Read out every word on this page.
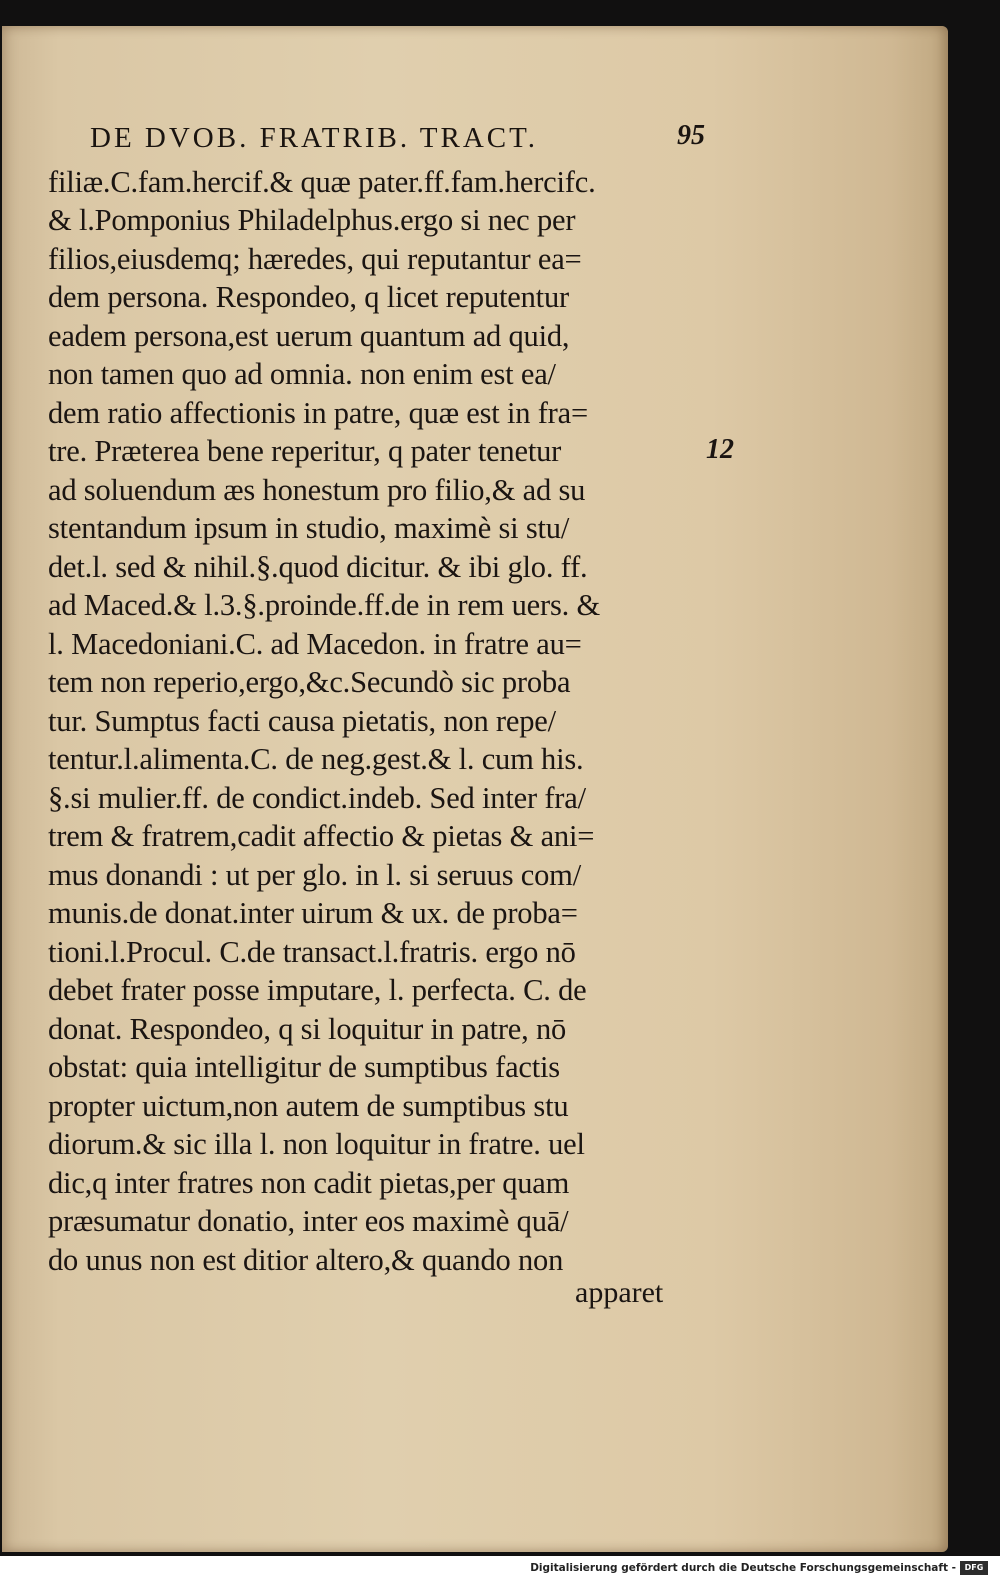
DE DVOB. FRATRIB. TRACT.	95
filiæ.C.fam.hercif.& quæ pater.ff.fam.hercifc.
& l.Pomponius Philadelphus.ergo si nec per
filios,eiusdemq; hæredes, qui reputantur ea=
dem persona. Respondeo, q licet reputentur
eadem persona,est uerum quantum ad quid,
non tamen quo ad omnia. non enim est ea/
dem ratio affectionis in patre, quæ est in fra=
tre. Præterea bene reperitur, q pater tenetur
ad soluendum æs honestum pro filio,& ad su
stentandum ipsum in studio, maximè si stu/
det.l. sed & nihil.§.quod dicitur. & ibi glo. ff.
ad Maced.& l.3.§.proinde.ff.de in rem uers. &
l. Macedoniani.C. ad Macedon. in fratre au=
tem non reperio,ergo,&c.Secundò sic proba
tur. Sumptus facti causa pietatis, non repe/
tentur.l.alimenta.C. de neg.gest.& l. cum his.
§.si mulier.ff. de condict.indeb. Sed inter fra/
trem & fratrem,cadit affectio & pietas & ani=
mus donandi : ut per glo. in l. si seruus com/
munis.de donat.inter uirum & ux. de proba=
tioni.l.Procul. C.de transact.l.fratris. ergo nō
debet frater posse imputare, l. perfecta. C. de
donat. Respondeo, q si loquitur in patre, nō
obstat: quia intelligitur de sumptibus factis
propter uictum,non autem de sumptibus stu
diorum.& sic illa l. non loquitur in fratre. uel
dic,q inter fratres non cadit pietas,per quam
præsumatur donatio, inter eos maximè quā/
do unus non est ditior altero,& quando non
12
apparet
Digitalisierung gefördert durch die Deutsche Forschungsgemeinschaft -	DFG
